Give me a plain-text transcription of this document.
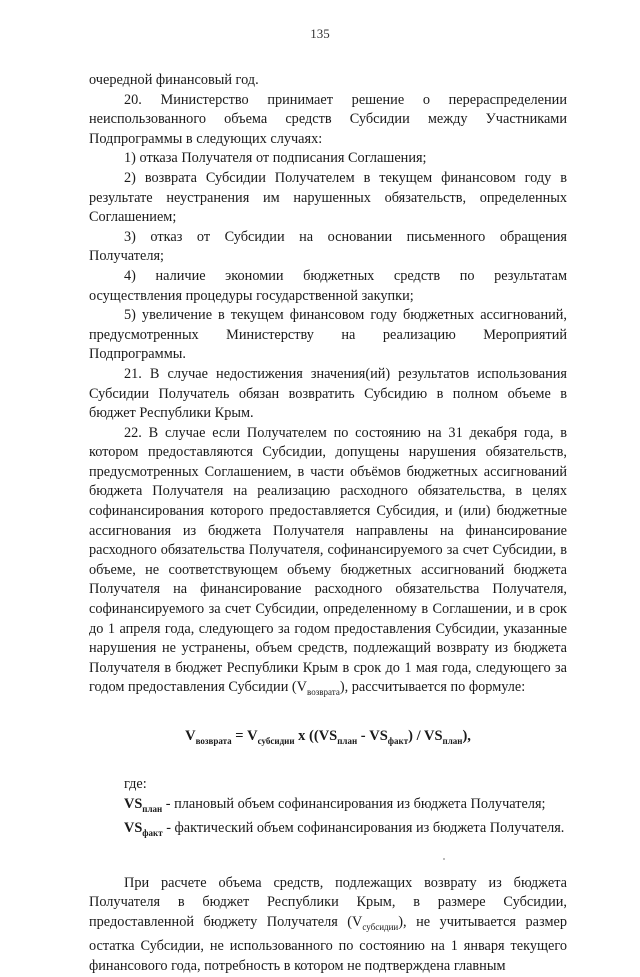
135

очередной финансовый год.

20. Министерство принимает решение о перераспределении неиспользованного объема средств Субсидии между Участниками Подпрограммы в следующих случаях:

1) отказа Получателя от подписания Соглашения;

2) возврата Субсидии Получателем в текущем финансовом году в результате неустранения им нарушенных обязательств, определенных Соглашением;

3) отказ от Субсидии на основании письменного обращения Получателя;

4) наличие экономии бюджетных средств по результатам осуществления процедуры государственной закупки;

5) увеличение в текущем финансовом году бюджетных ассигнований, предусмотренных Министерству на реализацию Мероприятий Подпрограммы.

21. В случае недостижения значения(ий) результатов использования Субсидии Получатель обязан возвратить Субсидию в полном объеме в бюджет Республики Крым.

22. В случае если Получателем по состоянию на 31 декабря года, в котором предоставляются Субсидии, допущены нарушения обязательств, предусмотренных Соглашением, в части объёмов бюджетных ассигнований бюджета Получателя на реализацию расходного обязательства, в целях софинансирования которого предоставляется Субсидия, и (или) бюджетные ассигнования из бюджета Получателя направлены на финансирование расходного обязательства Получателя, софинансируемого за счет Субсидии, в объеме, не соответствующем объему бюджетных ассигнований бюджета Получателя на финансирование расходного обязательства Получателя, софинансируемого за счет Субсидии, определенному в Соглашении, и в срок до 1 апреля года, следующего за годом предоставления Субсидии, указанные нарушения не устранены, объем средств, подлежащий возврату из бюджета Получателя в бюджет Республики Крым в срок до 1 мая года, следующего за годом предоставления Субсидии $(V_{возврата})$, рассчитывается по формуле:

$V_{возврата} = V_{субсидии}$ x $((VS_{план} - VS_{факт}) / VS_{план})$,

где:

$VS_{план}$ - плановый объем софинансирования из бюджета Получателя;

$VS_{факт}$ - фактический объем софинансирования из бюджета Получателя.

При расчете объема средств, подлежащих возврату из бюджета Получателя в бюджет Республики Крым, в размере Субсидии, предоставленной бюджету Получателя $(V_{субсидии})$, не учитывается размер остатка Субсидии, не использованного по состоянию на 1 января текущего финансового года, потребность в котором не подтверждена главным
